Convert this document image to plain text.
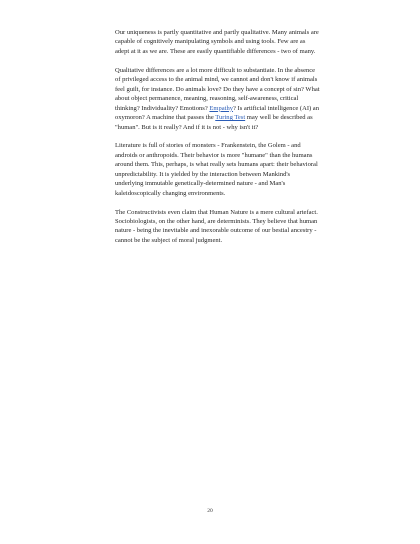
Our uniqueness is partly quantitative and partly qualitative. Many animals are capable of cognitively manipulating symbols and using tools. Few are as adept at it as we are. These are easily quantifiable differences - two of many.

Qualitative differences are a lot more difficult to substantiate. In the absence of privileged access to the animal mind, we cannot and don't know if animals feel guilt, for instance. Do animals love? Do they have a concept of sin? What about object permanence, meaning, reasoning, self-awareness, critical thinking? Individuality? Emotions? Empathy? Is artificial intelligence (AI) an oxymoron? A machine that passes the Turing Test may well be described as "human". But is it really? And if it is not - why isn't it?

Literature is full of stories of monsters - Frankenstein, the Golem - and androids or anthropoids. Their behavior is more "humane" than the humans around them. This, perhaps, is what really sets humans apart: their behavioral unpredictability. It is yielded by the interaction between Mankind's underlying immutable genetically-determined nature - and Man's kaleidoscopically changing environments.

The Constructivists even claim that Human Nature is a mere cultural artefact. Sociobiologists, on the other hand, are determinists. They believe that human nature - being the inevitable and inexorable outcome of our bestial ancestry - cannot be the subject of moral judgment.

20
